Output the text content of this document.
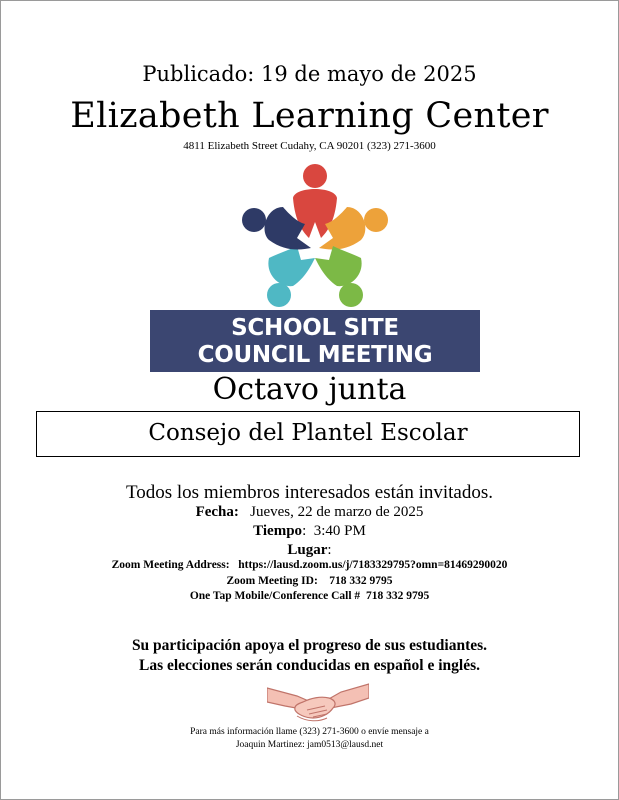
Publicado: 19 de mayo de 2025
Elizabeth Learning Center
4811 Elizabeth Street Cudahy, CA 90201 (323) 271-3600
SCHOOL SITE
COUNCIL MEETING
Octavo junta
Consejo del Plantel Escolar
Todos los miembros interesados están invitados.
Fecha: Jueves, 22 de marzo de 2025
Tiempo:  3:40 PM
Lugar:
Zoom Meeting Address: https://lausd.zoom.us/j/7183329795?omn=81469290020
Zoom Meeting ID: 718 332 9795
One Tap Mobile/Conference Call # 718 332 9795
Su participación apoya el progreso de sus estudiantes.
Las elecciones serán conducidas en español e inglés.
Para más información llame (323) 271-3600 o envíe mensaje a
Joaquin Martinez: jam0513@lausd.net
